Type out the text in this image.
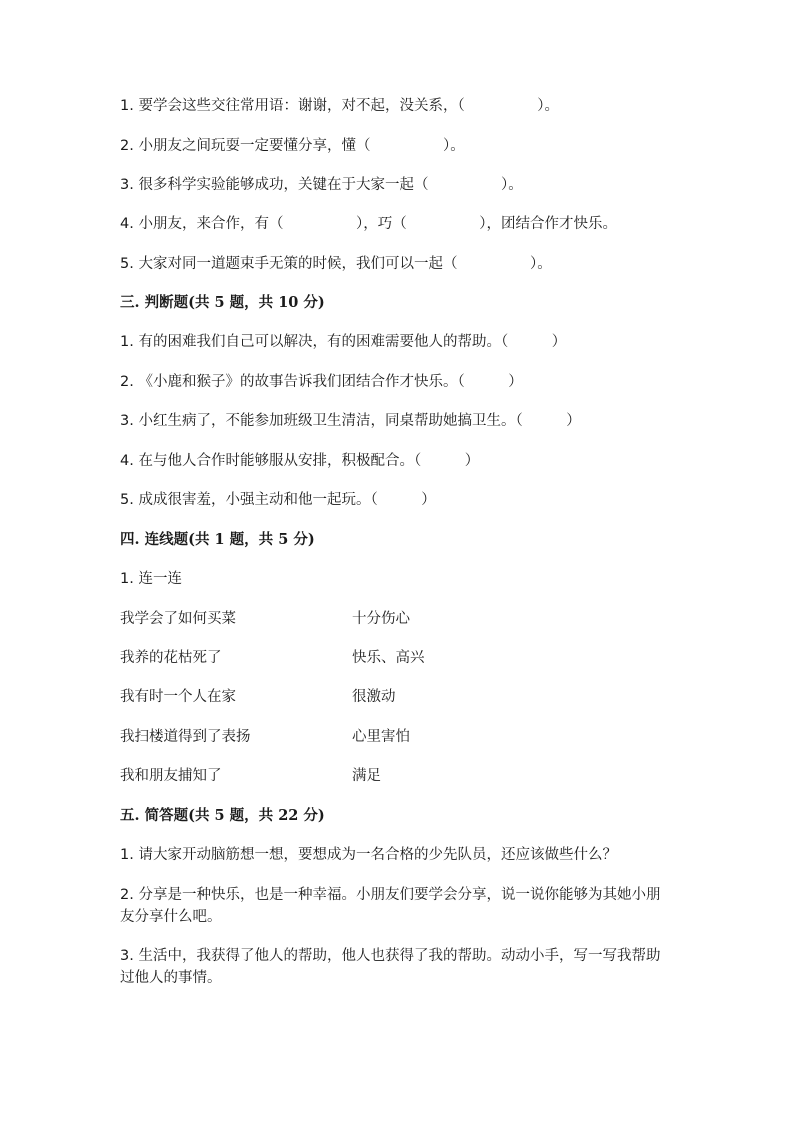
1. 要学会这些交往常用语：谢谢，对不起，没关系，（　　　　　）。
2. 小朋友之间玩耍一定要懂分享，懂（　　　　　）。
3. 很多科学实验能够成功，关键在于大家一起（　　　　　）。
4. 小朋友，来合作，有（　　　　　），巧（　　　　　），团结合作才快乐。
5. 大家对同一道题束手无策的时候，我们可以一起（　　　　　）。
三. 判断题(共 5 题，共 10 分)
1. 有的困难我们自己可以解决，有的困难需要他人的帮助。（　　　）
2. 《小鹿和猴子》的故事告诉我们团结合作才快乐。（　　　）
3. 小红生病了，不能参加班级卫生清洁，同桌帮助她搞卫生。（　　　）
4. 在与他人合作时能够服从安排，积极配合。（　　　）
5. 成成很害羞，小强主动和他一起玩。（　　　）
四. 连线题(共 1 题，共 5 分)
1. 连一连
我学会了如何买菜	十分伤心
我养的花枯死了	快乐、高兴
我有时一个人在家	很激动
我扫楼道得到了表扬	心里害怕
我和朋友捕知了	满足
五. 简答题(共 5 题，共 22 分)
1. 请大家开动脑筋想一想，要想成为一名合格的少先队员，还应该做些什么？
2. 分享是一种快乐，也是一种幸福。小朋友们要学会分享，说一说你能够为其她小朋友分享什么吧。
3. 生活中，我获得了他人的帮助，他人也获得了我的帮助。动动小手，写一写我帮助过他人的事情。
